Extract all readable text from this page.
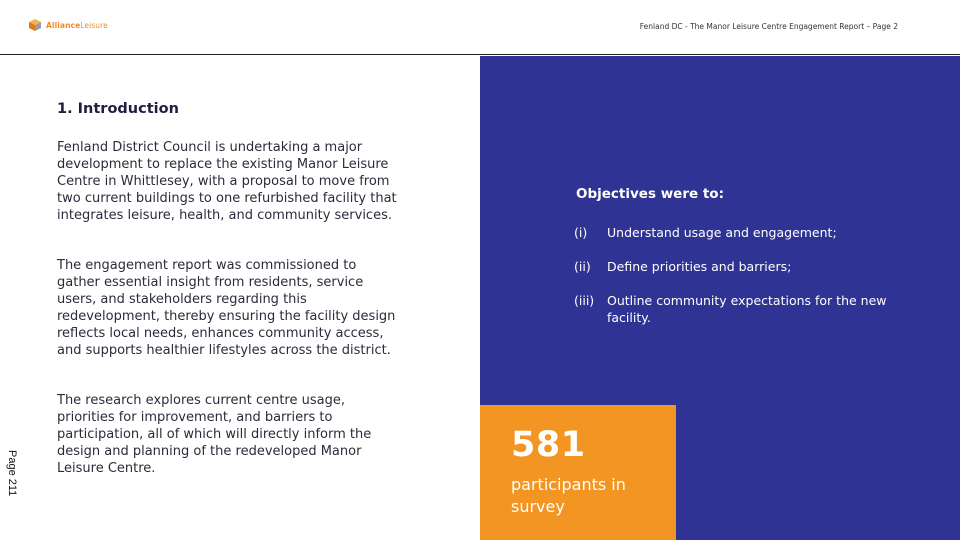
AllianceLeisure	Fenland DC - The Manor Leisure Centre Engagement Report – Page 2
1. Introduction

Fenland District Council is undertaking a major development to replace the existing Manor Leisure Centre in Whittlesey, with a proposal to move from two current buildings to one refurbished facility that integrates leisure, health, and community services.

The engagement report was commissioned to gather essential insight from residents, service users, and stakeholders regarding this redevelopment, thereby ensuring the facility design reflects local needs, enhances community access, and supports healthier lifestyles across the district.

The research explores current centre usage, priorities for improvement, and barriers to participation, all of which will directly inform the design and planning of the redeveloped Manor Leisure Centre.

Page 211
Objectives were to:
(i)	Understand usage and engagement;
(ii)	Define priorities and barriers;
(iii)	Outline community expectations for the new facility.
581
participants in survey
